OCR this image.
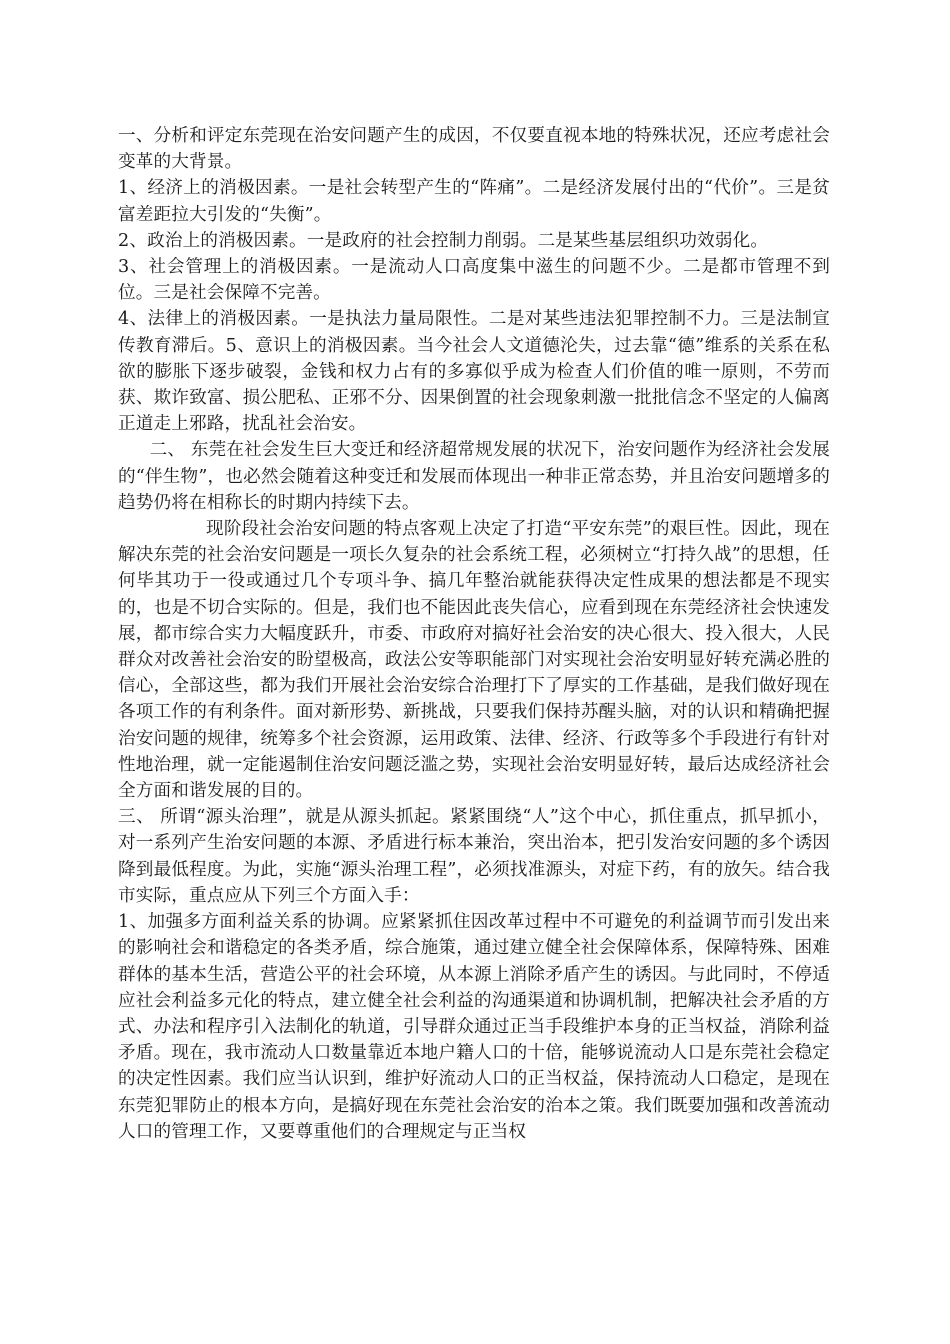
一、分析和评定东莞现在治安问题产生的成因，不仅要直视本地的特殊状况，还应考虑社会变革的大背景。

1、经济上的消极因素。一是社会转型产生的“阵痛”。二是经济发展付出的“代价”。三是贫富差距拉大引发的“失衡”。

2、政治上的消极因素。一是政府的社会控制力削弱。二是某些基层组织功效弱化。

3、社会管理上的消极因素。一是流动人口高度集中滋生的问题不少。二是都市管理不到位。三是社会保障不完善。

4、法律上的消极因素。一是执法力量局限性。二是对某些违法犯罪控制不力。三是法制宣传教育滞后。5、意识上的消极因素。当今社会人文道德沦失，过去靠“德”维系的关系在私欲的膨胀下逐步破裂，金钱和权力占有的多寡似乎成为检查人们价值的唯一原则，不劳而获、欺诈致富、损公肥私、正邪不分、因果倒置的社会现象刺激一批批信念不坚定的人偏离正道走上邪路，扰乱社会治安。

二、 东莞在社会发生巨大变迁和经济超常规发展的状况下，治安问题作为经济社会发展的“伴生物”，也必然会随着这种变迁和发展而体现出一种非正常态势，并且治安问题增多的趋势仍将在相称长的时期内持续下去。

现阶段社会治安问题的特点客观上决定了打造“平安东莞”的艰巨性。因此，现在解决东莞的社会治安问题是一项长久复杂的社会系统工程，必须树立“打持久战”的思想，任何毕其功于一役或通过几个专项斗争、搞几年整治就能获得决定性成果的想法都是不现实的，也是不切合实际的。但是，我们也不能因此丧失信心，应看到现在东莞经济社会快速发展，都市综合实力大幅度跃升，市委、市政府对搞好社会治安的决心很大、投入很大，人民群众对改善社会治安的盼望极高，政法公安等职能部门对实现社会治安明显好转充满必胜的信心，全部这些，都为我们开展社会治安综合治理打下了厚实的工作基础，是我们做好现在各项工作的有利条件。面对新形势、新挑战，只要我们保持苏醒头脑，对的认识和精确把握治安问题的规律，统筹多个社会资源，运用政策、法律、经济、行政等多个手段进行有针对性地治理，就一定能遏制住治安问题泛滥之势，实现社会治安明显好转，最后达成经济社会全方面和谐发展的目的。

三、 所谓“源头治理”，就是从源头抓起。紧紧围绕“人”这个中心，抓住重点，抓早抓小，对一系列产生治安问题的本源、矛盾进行标本兼治，突出治本，把引发治安问题的多个诱因降到最低程度。为此，实施“源头治理工程”，必须找准源头，对症下药，有的放矢。结合我市实际，重点应从下列三个方面入手：

1、加强多方面利益关系的协调。应紧紧抓住因改革过程中不可避免的利益调节而引发出来的影响社会和谐稳定的各类矛盾，综合施策，通过建立健全社会保障体系，保障特殊、困难群体的基本生活，营造公平的社会环境，从本源上消除矛盾产生的诱因。与此同时，不停适应社会利益多元化的特点，建立健全社会利益的沟通渠道和协调机制，把解决社会矛盾的方式、办法和程序引入法制化的轨道，引导群众通过正当手段维护本身的正当权益，消除利益矛盾。现在，我市流动人口数量靠近本地户籍人口的十倍，能够说流动人口是东莞社会稳定的决定性因素。我们应当认识到，维护好流动人口的正当权益，保持流动人口稳定，是现在东莞犯罪防止的根本方向，是搞好现在东莞社会治安的治本之策。我们既要加强和改善流动人口的管理工作，又要尊重他们的合理规定与正当权
